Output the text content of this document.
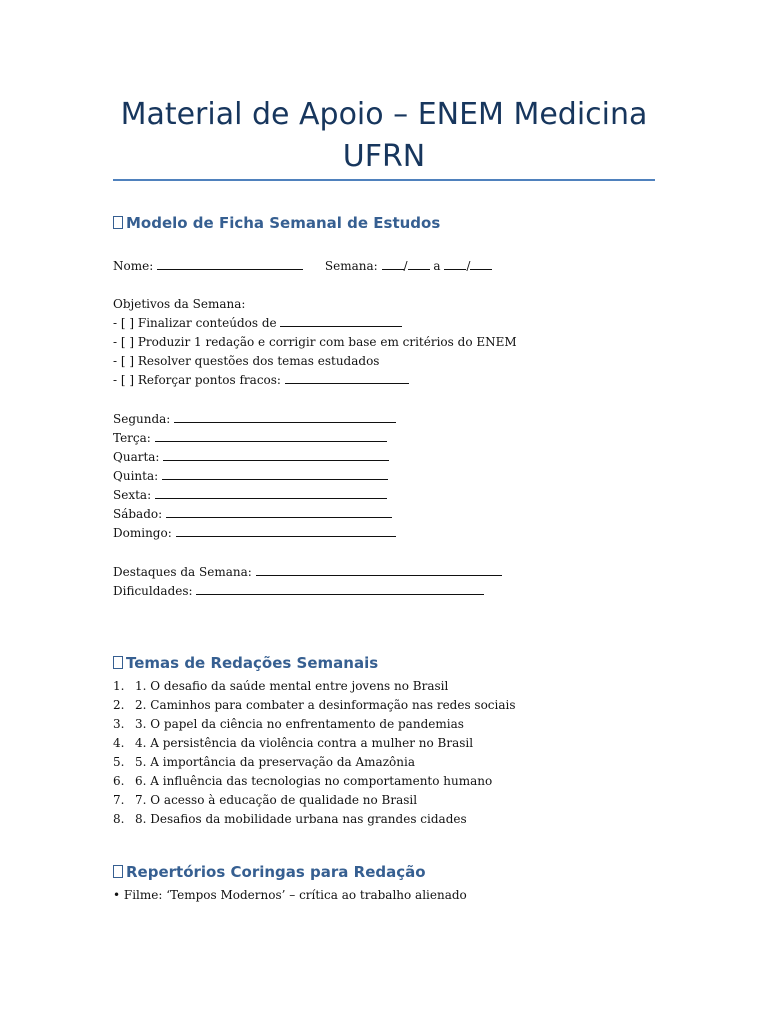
Material de Apoio – ENEM Medicina UFRN
Modelo de Ficha Semanal de Estudos

Nome:	Semana: / a /

Objetivos da Semana:

- [ ] Finalizar conteúdos de

- [ ] Produzir 1 redação e corrigir com base em critérios do ENEM

- [ ] Resolver questões dos temas estudados

- [ ] Reforçar pontos fracos:

Segunda:

Terça:

Quarta:

Quinta:

Sexta:

Sábado:

Domingo:

Destaques da Semana:

Dificuldades:

Temas de Redações Semanais
1. 1. O desafio da saúde mental entre jovens no Brasil
2. 2. Caminhos para combater a desinformação nas redes sociais
3. 3. O papel da ciência no enfrentamento de pandemias
4. 4. A persistência da violência contra a mulher no Brasil
5. 5. A importância da preservação da Amazônia
6. 6. A influência das tecnologias no comportamento humano
7. 7. O acesso à educação de qualidade no Brasil
8. 8. Desafios da mobilidade urbana nas grandes cidades
Repertórios Coringas para Redação

• Filme: ‘Tempos Modernos’ – crítica ao trabalho alienado
